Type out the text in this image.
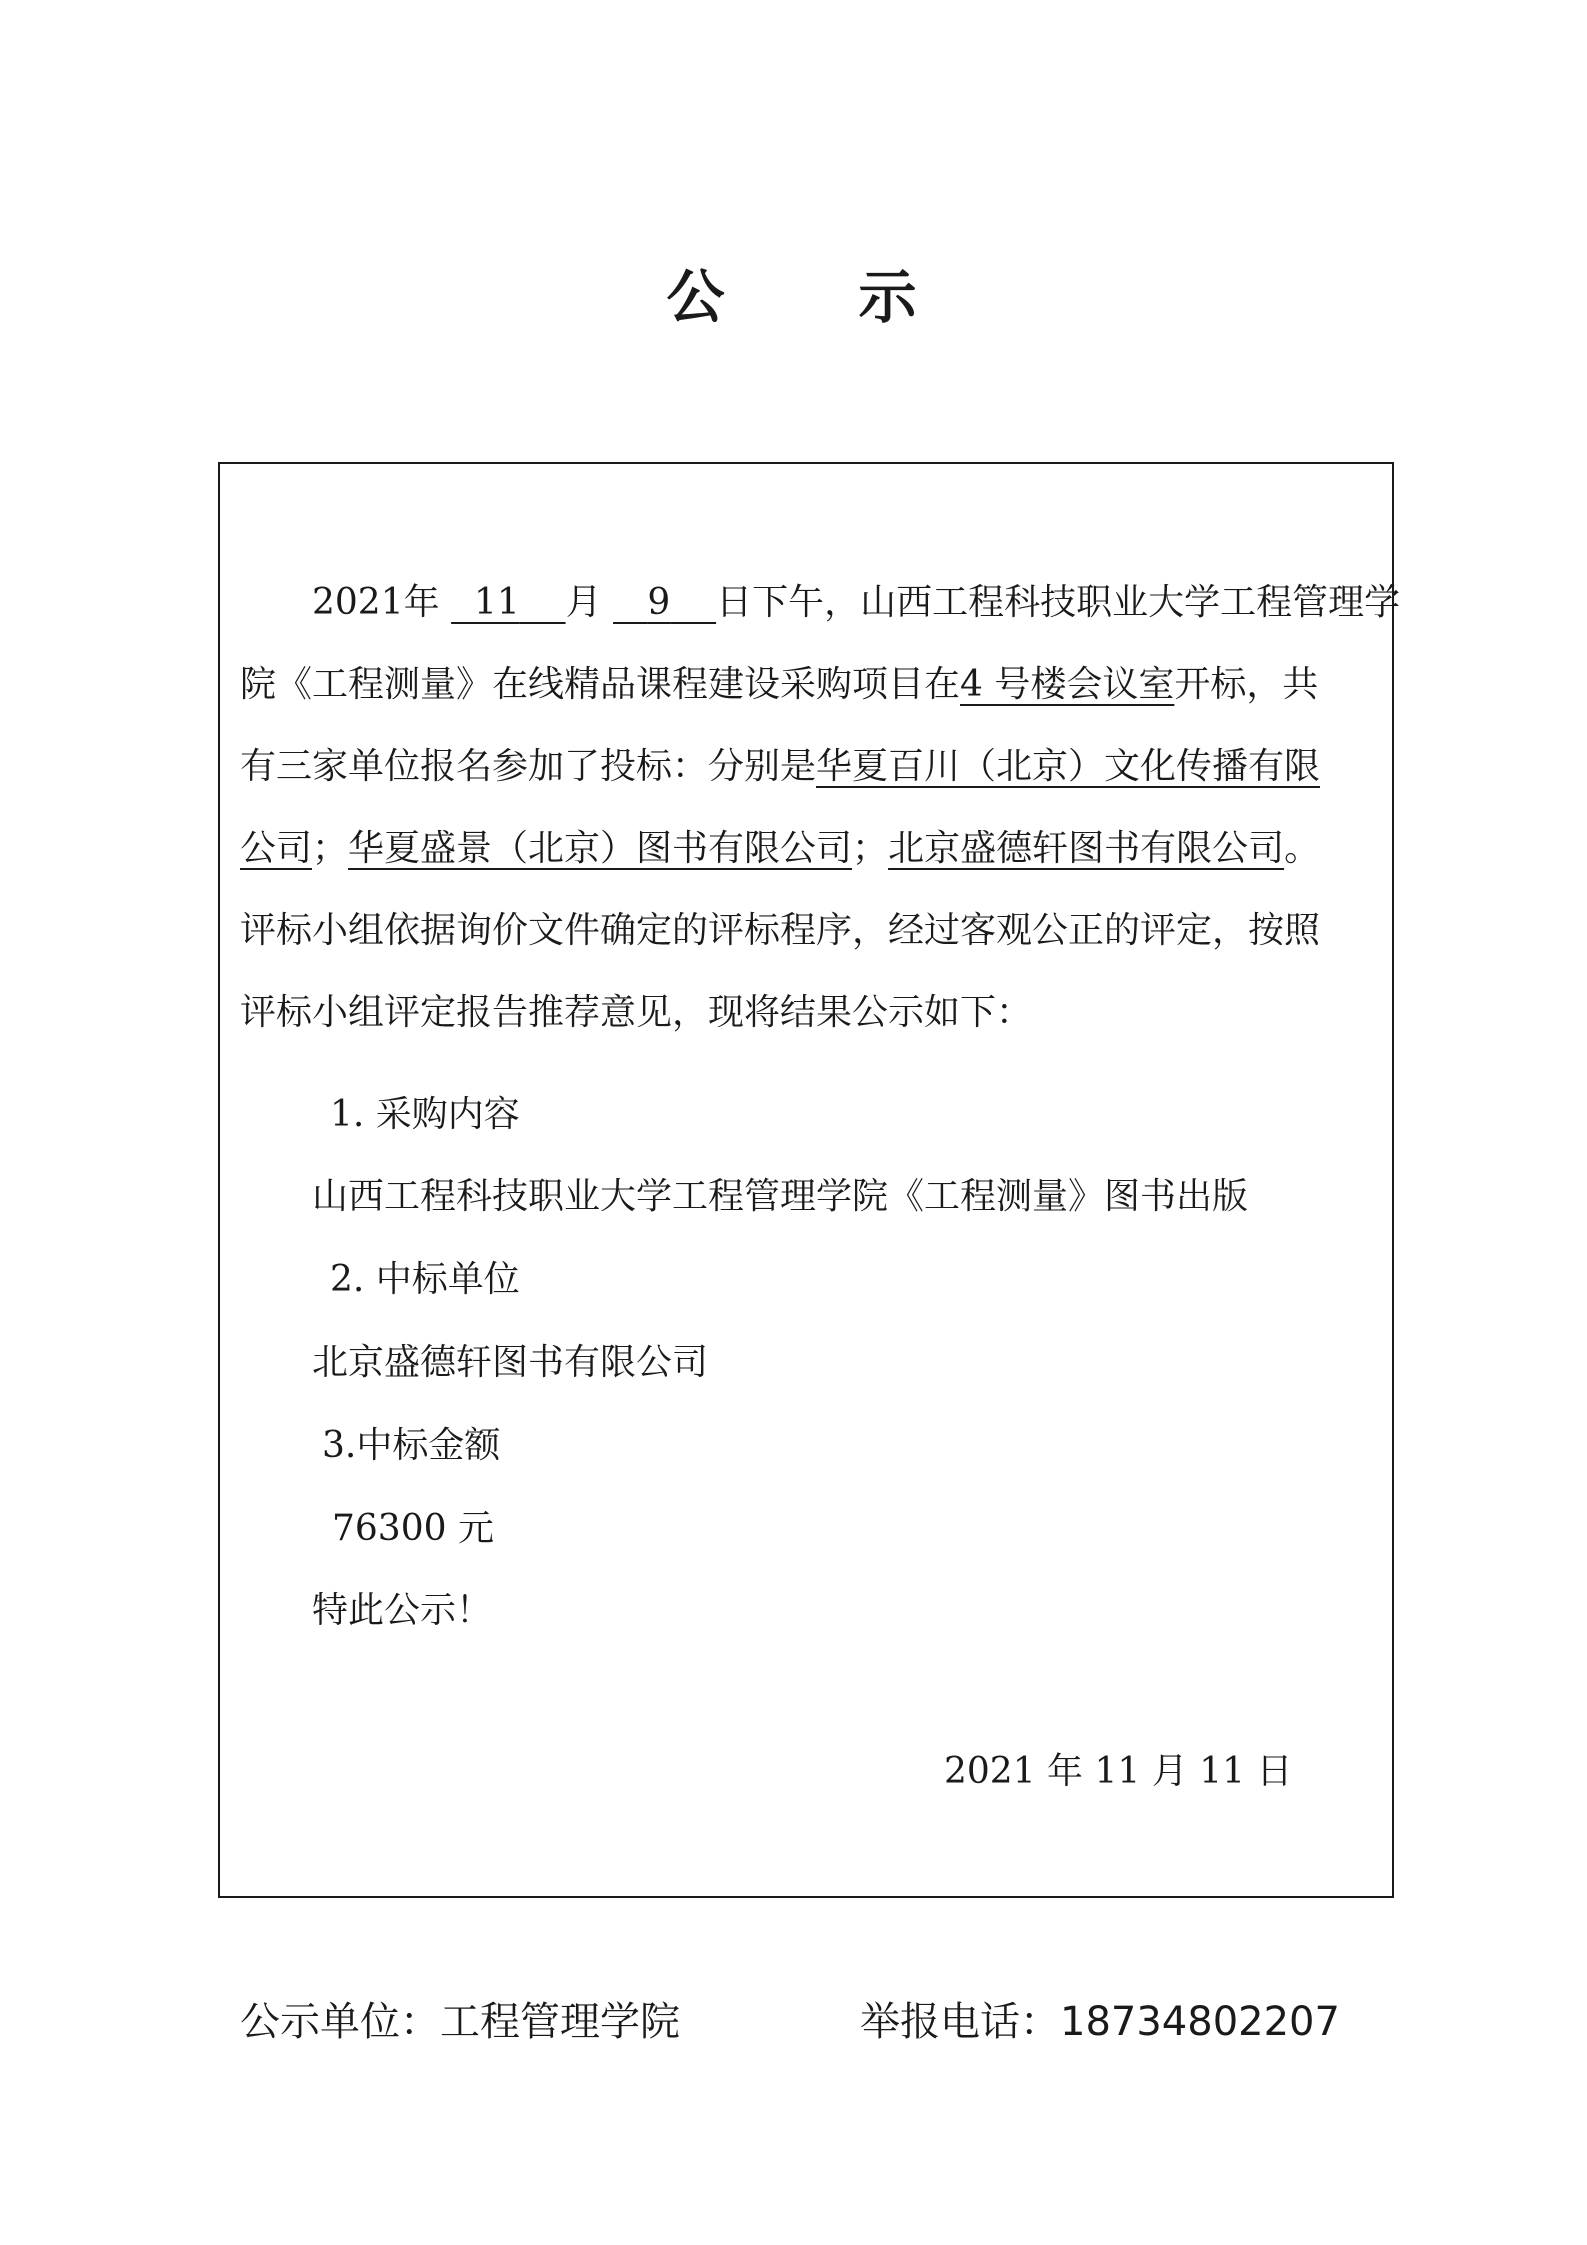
公 示
2021 年
11	月
	9	日下午，山西工程科技职业大学工程管理学
院《工程测量》在线精品课程建设采购项目在 4 号楼会议室 开标，共
有三家单位报名参加了投标：分别是 华夏百川（北京）文化传播有限
公司 ； 华夏盛景（北京）图书有限公司 ； 北京盛德轩图书有限公司 。
评标小组依据询价文件确定的评标程序，经过客观公正的评定，按照
评标小组评定报告推荐意见，现将结果公示如下：
1. 采购内容
山西工程科技职业大学工程管理学院《工程测量》图书出版
2. 中标单位
北京盛德轩图书有限公司
3.中标金额
76300 元
特此公示！
2021 年 11 月 11 日
公示单位：工程管理学院	举报电话：18734802207
